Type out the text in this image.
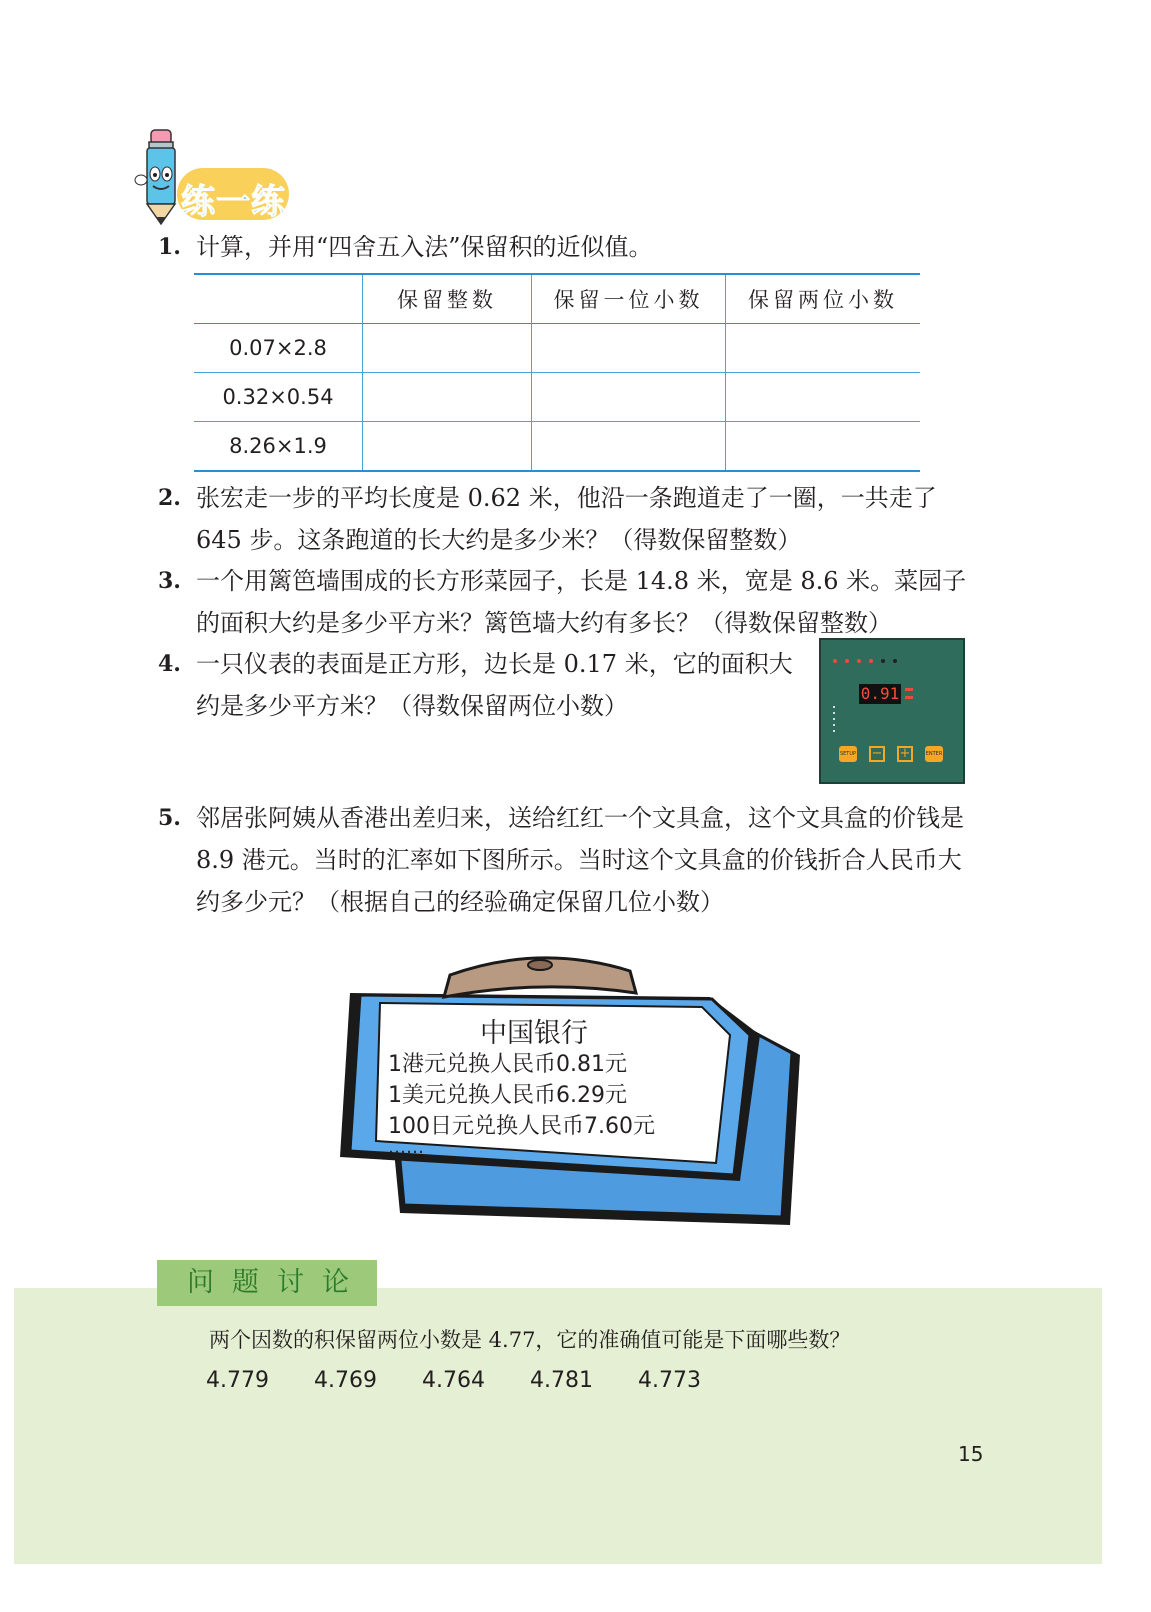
练一练
1. 计算，并用“四舍五入法”保留积的近似值。
	保留整数	保留一位小数	保留两位小数
0.07×2.8			
0.32×0.54			
8.26×1.9			
2. 张宏走一步的平均长度是 0.62 米，他沿一条跑道走了一圈，一共走了 645 步。这条跑道的长大约是多少米？（得数保留整数）
3. 一个用篱笆墙围成的长方形菜园子，长是 14.8 米，宽是 8.6 米。菜园子的面积大约是多少平方米？篱笆墙大约有多长？（得数保留整数）
4. 一只仪表的表面是正方形，边长是 0.17 米，它的面积大
约是多少平方米？（得数保留两位小数）	0.91
SETUP − +	ENTER
5. 邻居张阿姨从香港出差归来，送给红红一个文具盒，这个文具盒的价钱是 8.9 港元。当时的汇率如下图所示。当时这个文具盒的价钱折合人民币大约多少元？（根据自己的经验确定保留几位小数）
中国银行
1港元兑换人民币0.81元
1美元兑换人民币6.29元
100日元兑换人民币7.60元
……
问题讨论
两个因数的积保留两位小数是 4.77，它的准确值可能是下面哪些数？
4.779	4.769	4.764	4.781	4.773
15
